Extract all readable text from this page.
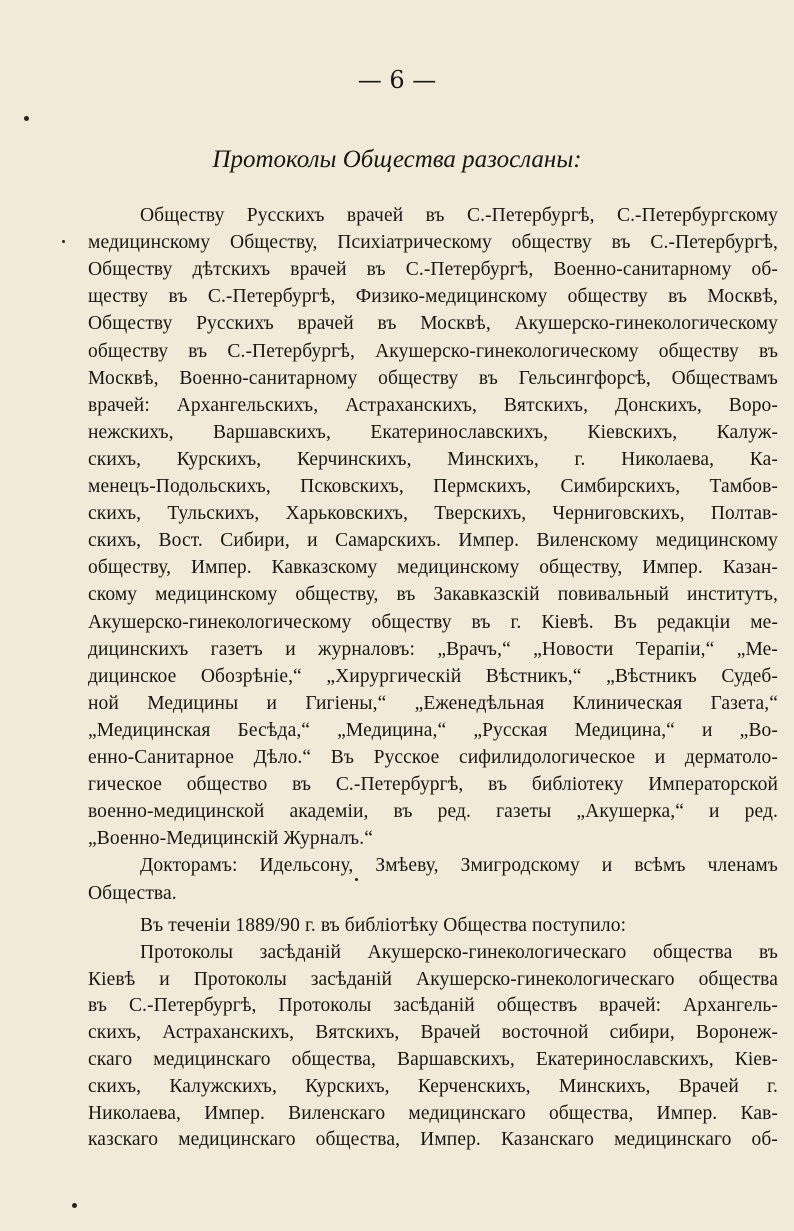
— 6 —
Протоколы Общества разосланы:
Обществу Русскихъ врачей въ С.-Петербургѣ, С.-Петербургскому
медицинскому Обществу, Психiатрическому обществу въ С.-Петербургѣ,
Обществу дѣтскихъ врачей въ С.-Петербургѣ, Военно-санитарному об-
ществу въ С.-Петербургѣ, Физико-медицинскому обществу въ Москвѣ,
Обществу Русскихъ врачей въ Москвѣ, Акушерско-гинекологическому
обществу въ С.-Петербургѣ, Акушерско-гинекологическому обществу въ
Москвѣ, Военно-санитарному обществу въ Гельсингфорсѣ, Обществамъ
врачей: Архангельскихъ, Астраханскихъ, Вятскихъ, Донскихъ, Воро-
нежскихъ, Варшавскихъ, Екатеринославскихъ, Кiевскихъ, Калуж-
скихъ, Курскихъ, Керчинскихъ, Минскихъ, г. Николаева, Ка-
менецъ-Подольскихъ, Псковскихъ, Пермскихъ, Симбирскихъ, Тамбов-
скихъ, Тульскихъ, Харьковскихъ, Тверскихъ, Черниговскихъ, Полтав-
скихъ, Вост. Сибири, и Самарскихъ. Импер. Виленскому медицинскому
обществу, Импер. Кавказскому медицинскому обществу, Импер. Казан-
скому медицинскому обществу, въ Закавказскiй повивальный институтъ,
Акушерско-гинекологическому обществу въ г. Кiевѣ. Въ редакцiи ме-
дицинскихъ газетъ и журналовъ: „Врачъ,“ „Новости Терапiи,“ „Ме-
дицинское Обозрѣнiе,“ „Хирургическiй Вѣстникъ,“ „Вѣстникъ Судеб-
ной Медицины и Гигiены,“ „Еженедѣльная Клиническая Газета,“
„Медицинская Бесѣда,“ „Медицина,“ „Русская Медицина,“ и „Во-
енно-Санитарное Дѣло.“ Въ Русское сифилидологическое и дерматоло-
гическое общество въ С.-Петербургѣ, въ библiотеку Императорской
военно-медицинской академiи, въ ред. газеты „Акушерка,“ и ред.
„Военно-Медицинскiй Журналъ.“
Докторамъ: Идельсону, Змѣеву, Змигродскому и всѣмъ членамъ
Общества.
Въ теченiи 1889/90 г. въ библiотѣку Общества поступило:
Протоколы засѣданiй Акушерско-гинекологическаго общества въ
Кiевѣ и Протоколы засѣданiй Акушерско-гинекологическаго общества
въ С.-Петербургѣ, Протоколы засѣданiй обществъ врачей: Архангель-
скихъ, Астраханскихъ, Вятскихъ, Врачей восточной сибири, Воронеж-
скаго медицинскаго общества, Варшавскихъ, Екатеринославскихъ, Кiев-
скихъ, Калужскихъ, Курскихъ, Керченскихъ, Минскихъ, Врачей г.
Николаева, Импер. Виленскаго медицинскаго общества, Импер. Кав-
казскаго медицинскаго общества, Импер. Казанскаго медицинскаго об-
